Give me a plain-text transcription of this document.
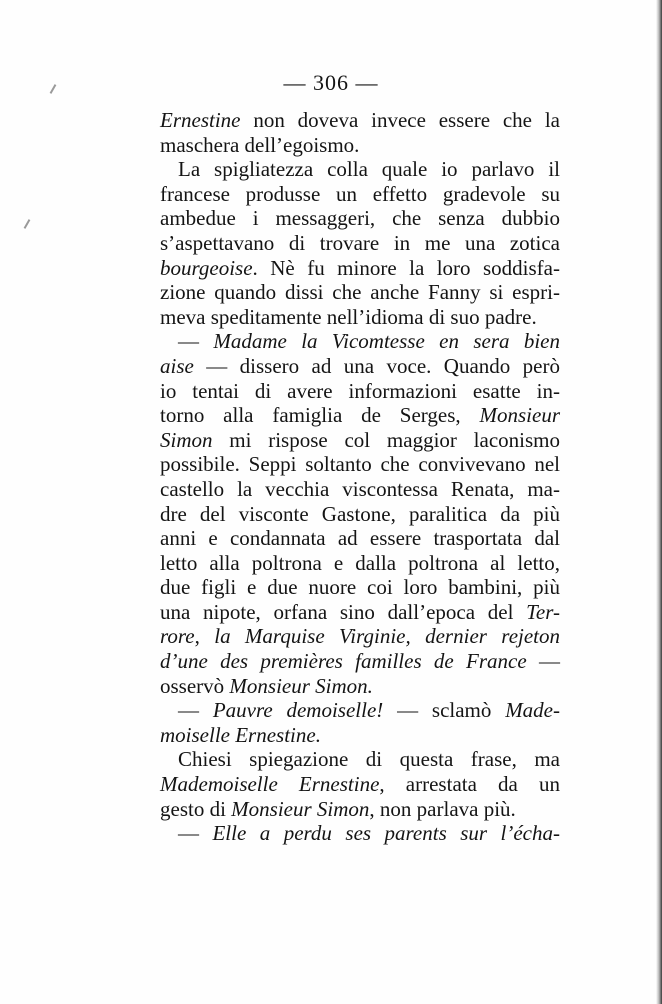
— 306 —
Ernestine non doveva invece essere che la
maschera dell’egoismo.
La spigliatezza colla quale io parlavo il
francese produsse un effetto gradevole su
ambedue i messaggeri, che senza dubbio
s’aspettavano di trovare in me una zotica
bourgeoise. Nè fu minore la loro soddisfa-
zione quando dissi che anche Fanny si espri-
meva speditamente nell’idioma di suo padre.
— Madame la Vicomtesse en sera bien
aise — dissero ad una voce. Quando però
io tentai di avere informazioni esatte in-
torno alla famiglia de Serges, Monsieur
Simon mi rispose col maggior laconismo
possibile. Seppi soltanto che convivevano nel
castello la vecchia viscontessa Renata, ma-
dre del visconte Gastone, paralitica da più
anni e condannata ad essere trasportata dal
letto alla poltrona e dalla poltrona al letto,
due figli e due nuore coi loro bambini, più
una nipote, orfana sino dall’epoca del Ter-
rore, la Marquise Virginie, dernier rejeton
d’une des premières familles de France —
osservò Monsieur Simon.
— Pauvre demoiselle! — sclamò Made-
moiselle Ernestine.
Chiesi spiegazione di questa frase, ma
Mademoiselle Ernestine, arrestata da un
gesto di Monsieur Simon, non parlava più.
— Elle a perdu ses parents sur l’écha-
